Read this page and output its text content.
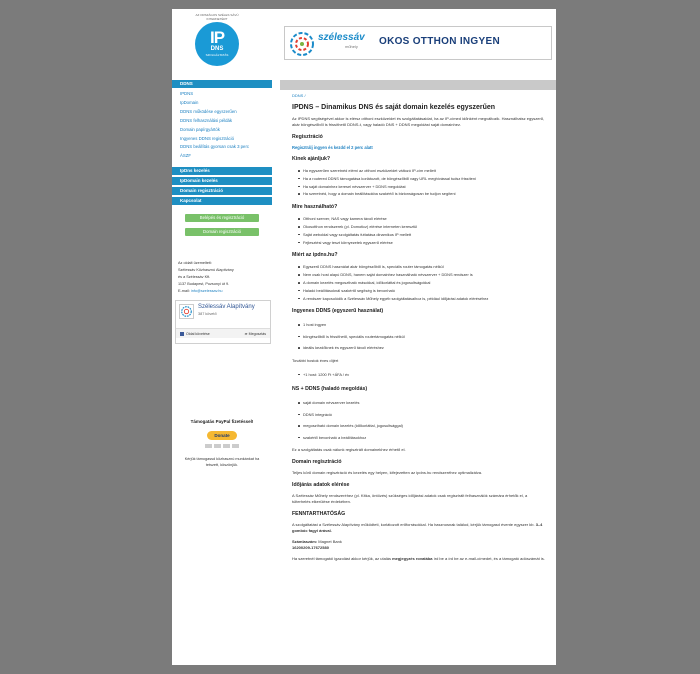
AZ ORSZÁGOS SZÉLES SÁVÚ INTERNETÉRT
IP
DNS
SZOLGÁLTATÁS
szélessáv
műhely OKOS OTTHON INGYEN
DDNS
IPDNS
IpDomain
DDNS működése egyszerűen
DDNS felhasználási példák
Domain papírgyártók
Ingyenes DDNS regisztráció
DDNS beállítás gyorsan csak 3 perc
ÁSZF
IpDns kezelés
IpDomain kezelés
Domain regisztráció
Kapcsolat
Belépés és regisztráció
Domain regisztráció
Az oldalt üzemelteti:
Szélessáv Közhasznú Alapítvány
és a Szélessáv Kft.
1137 Budapest, Pozsonyi út 9.
E-mail: info@szelessav.hu
Szélessáv Alapítvány
387 követő
Oldal követése	➦ Megosztás
Támogatás PayPal fizetéssel!
Donate
Kérjük támogassd közhasznú munkánkat ha
tetszett, köszönjük.
DDNS /
IPDNS – Dinamikus DNS és saját domain kezelés egyszerűen
Az IPDNS segítségével akkor is elérsz otthoni eszközeidet és szolgáltatásaidat, ha az IP-címed időnként megváltozik. Használhatsz egyszerű, akár böngészőből is frissíthető DDNS-t, vagy haladó DNS + DDNS megoldást saját domainhez.
Regisztráció
Regisztrálj ingyen és kezdd el 2 perc alatt
Kinek ajánljuk?
Ha egyszerűen szeretnéd elérni az otthoni eszközeidet változó IP-cím mellett
Ha a routered DDNS támogatása korlátozott, de böngészőből vagy URL meghívással tudsz frissíteni
Ha saját domainhez keresel névszerver + DDNS megoldást
Ha szeretnéd, hogy a domain beállításokba szakértő is biztonságosan be tudjon segíteni
Mire használható?
Otthoni szerver, NAS vagy kamera távoli elérése
Okosotthon rendszerek (pl. Domoticz) elérése interneten keresztül
Saját weboldal vagy szolgáltatás futtatása dinamikus IP mellett
Fejlesztési vagy teszt környezetek egyszerű elérése
Miért az ipdns.hu?
Egyszerű DDNS használat akár böngészőből is, speciális router támogatás nélkül
Nem csak host alapú DDNS, hanem saját domainhez használható névszerver + DDNS rendszer is
A domain kezelés megosztható másokkal, időkorláttal és jogosultságokkal
Haladó beállításoknál szakértő segítség is bevonható
A rendszer kapcsolódik a Szélessáv Műhely egyéb szolgáltatásaihoz is, például időjárási adatok eléréséhez
Ingyenes DDNS (egyszerű használat)
1 host ingyen
böngészőből is frissíthető, speciális routertámogatás nélkül
ideális kezdőknek és egyszerű távoli eléréshez
További hostok éves díjért
+1 host: 1200 Ft +ÁFA / év
NS + DDNS (haladó megoldás)
saját domain névszerver kezelés
DDNS integráció
megosztható domain kezelés (időkorláttal, jogosultsággal)
szakértő bevonható a beállításokhoz
Ez a szolgáltatás csak nálunk regisztrált domainekhez érhető el.
Domain regisztráció
Teljes körű domain regisztráció és kezelés egy helyen, kifejezetten az ipdns.hu rendszeréhez optimalizálva.
Időjárás adatok elérése
A Szélessáv Műhely rendszeréhez (pl. Kitka, öntözés) szükséges időjárási adatok csak regisztrált felhasználók számára érhetők el, a túlterhelés elkerülése érdekében.
FENNTARTHATÓSÁG
A szolgáltatást a Szélessáv Alapítvány működteti, korlátozott erőforrásokkal. Ha hasznosnak találod, kérjük támogasd évente egyszer kb. 3–4 gombóc fagyi árával.
Számlaszám: Magnet Bank
16200209-17672580
Ha szeretnél támogatói igazolást akkor kérjük, az utalás megjegyzés rovatába írd be a írd be az e-mail-címedet, és a támogató adószámát is.
